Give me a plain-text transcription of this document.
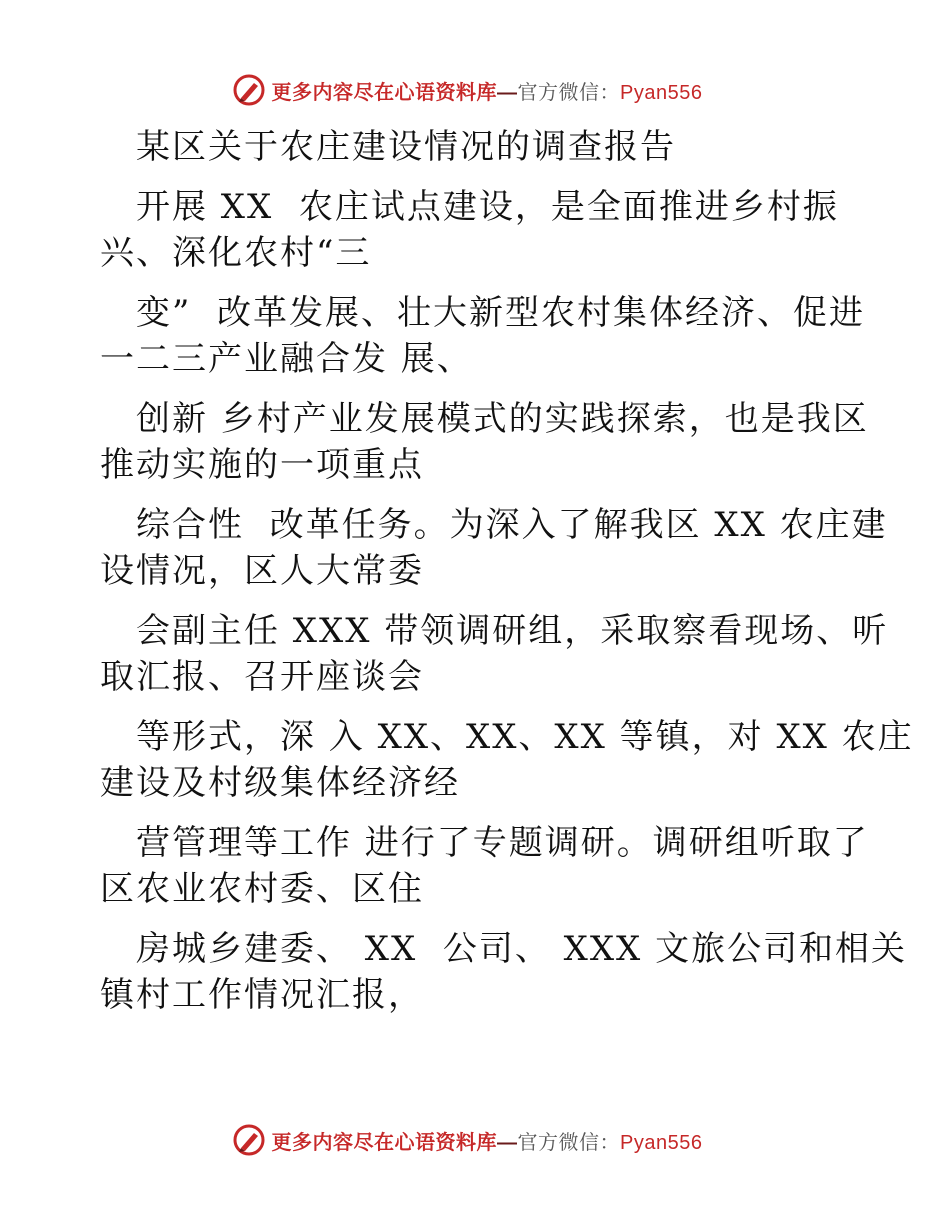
更多内容尽在心语资料库—官方微信：Pyan556
某区关于农庄建设情况的调查报告
开展 XX  农庄试点建设，是全面推进乡村振
兴、深化农村“三
变”  改革发展、壮大新型农村集体经济、促进
一二三产业融合发 展、
创新 乡村产业发展模式的实践探索，也是我区
推动实施的一项重点
综合性  改革任务。为深入了解我区 XX 农庄建
设情况，区人大常委
会副主任 XXX 带领调研组，采取察看现场、听
取汇报、召开座谈会
等形式，深 入 XX、XX、XX 等镇，对 XX 农庄
建设及村级集体经济经
营管理等工作 进行了专题调研。调研组听取了
区农业农村委、区住
房城乡建委、 XX  公司、 XXX 文旅公司和相关
镇村工作情况汇报，
更多内容尽在心语资料库—官方微信：Pyan556
